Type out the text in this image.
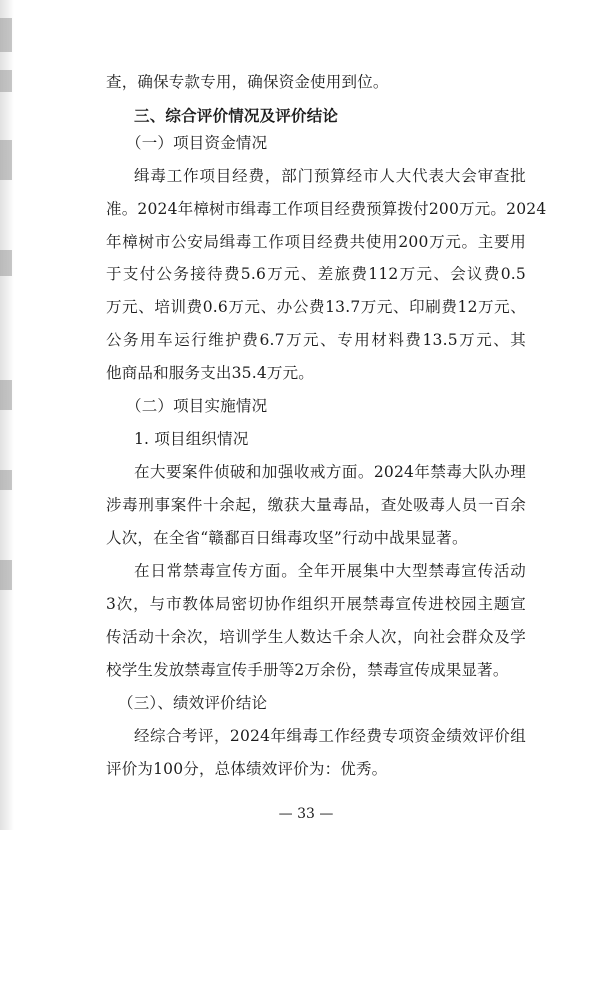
查，确保专款专用，确保资金使用到位。
三、综合评价情况及评价结论
（一）项目资金情况
缉毒工作项目经费，部门预算经市人大代表大会审查批
准。2024年樟树市缉毒工作项目经费预算拨付200万元。2024
年樟树市公安局缉毒工作项目经费共使用200万元。主要用
于支付公务接待费5.6万元、差旅费112万元、会议费0.5
万元、培训费0.6万元、办公费13.7万元、印刷费12万元、
公务用车运行维护费6.7万元、专用材料费13.5万元、其
他商品和服务支出35.4万元。
（二）项目实施情况
1. 项目组织情况
在大要案件侦破和加强收戒方面。2024年禁毒大队办理
涉毒刑事案件十余起，缴获大量毒品，查处吸毒人员一百余
人次，在全省“赣鄱百日缉毒攻坚”行动中战果显著。
在日常禁毒宣传方面。全年开展集中大型禁毒宣传活动
3次，与市教体局密切协作组织开展禁毒宣传进校园主题宣
传活动十余次，培训学生人数达千余人次，向社会群众及学
校学生发放禁毒宣传手册等2万余份，禁毒宣传成果显著。
（三）、绩效评价结论
经综合考评，2024年缉毒工作经费专项资金绩效评价组
评价为100分，总体绩效评价为：优秀。
— 33 —
